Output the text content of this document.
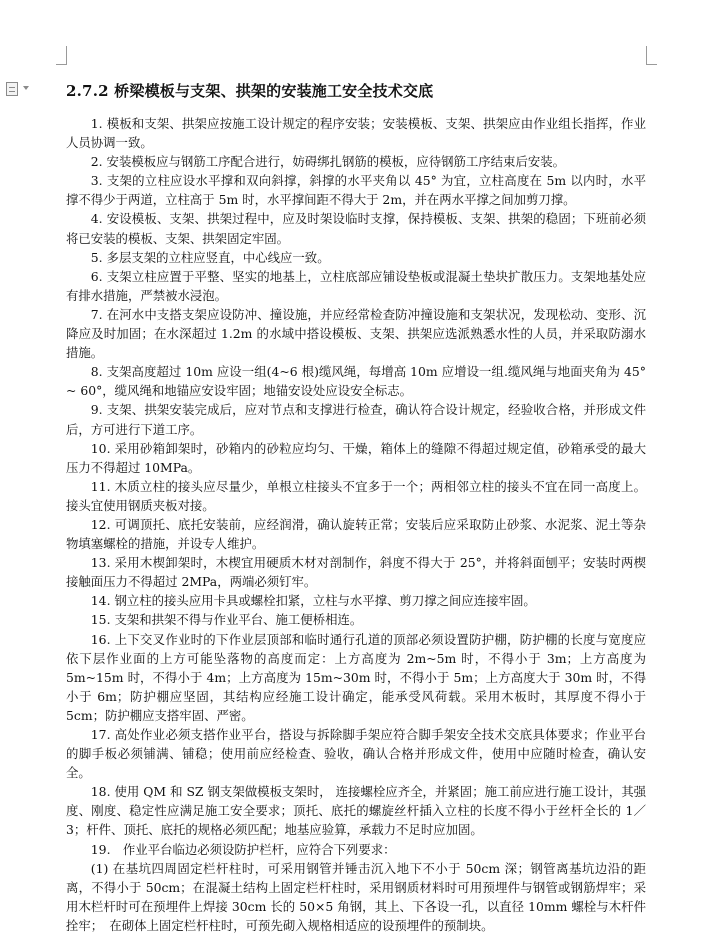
2.7.2 桥梁模板与支架、拱架的安装施工安全技术交底

1. 模板和支架、拱架应按施工设计规定的程序安装；安装模板、支架、拱架应由作业组长指挥，作业人员协调一致。

2. 安装模板应与钢筋工序配合进行，妨碍绑扎钢筋的模板，应待钢筋工序结束后安装。

3. 支架的立柱应设水平撑和双向斜撑，斜撑的水平夹角以 45° 为宜，立柱高度在 5m 以内时，水平撑不得少于两道，立柱高于 5m 时，水平撑间距不得大于 2m，并在两水平撑之间加剪刀撑。

4. 安设模板、支架、拱架过程中，应及时架设临时支撑，保持模板、支架、拱架的稳固；下班前必须将已安装的模板、支架、拱架固定牢固。

5. 多层支架的立柱应竖直，中心线应一致。

6. 支架立柱应置于平整、坚实的地基上，立柱底部应铺设垫板或混凝土垫块扩散压力。支架地基处应有排水措施，严禁被水浸泡。

7. 在河水中支搭支架应设防冲、撞设施，并应经常检查防冲撞设施和支架状况，发现松动、变形、沉降应及时加固；在水深超过 1.2m 的水域中搭设模板、支架、拱架应选派熟悉水性的人员，并采取防溺水措施。

8. 支架高度超过 10m 应设一组(4~6 根)缆风绳，每增高 10m 应增设一组.缆风绳与地面夹角为 45° ~ 60°，缆风绳和地锚应安设牢固；地锚安设处应设安全标志。

9. 支架、拱架安装完成后，应对节点和支撑进行检查，确认符合设计规定，经验收合格，并形成文件后，方可进行下道工序。

10. 采用砂箱卸架时，砂箱内的砂粒应均匀、干燥，箱体上的缝隙不得超过规定值，砂箱承受的最大压力不得超过 10MPa。

11. 木质立柱的接头应尽量少，单根立柱接头不宜多于一个；两相邻立柱的接头不宜在同一高度上。接头宜使用钢质夹板对接。

12. 可调顶托、底托安装前，应经润滑，确认旋转正常；安装后应采取防止砂浆、水泥浆、泥土等杂物填塞螺栓的措施，并设专人维护。

13. 采用木楔卸架时，木楔宜用硬质木材对剖制作，斜度不得大于 25°，并将斜面刨平；安装时两楔接触面压力不得超过 2MPa，两端必须钉牢。

14. 钢立柱的接头应用卡具或螺栓扣紧，立柱与水平撑、剪刀撑之间应连接牢固。

15. 支架和拱架不得与作业平台、施工便桥相连。

16. 上下交叉作业时的下作业层顶部和临时通行孔道的顶部必须设置防护棚，防护棚的长度与宽度应依下层作业面的上方可能坠落物的高度而定：上方高度为 2m~5m 时，不得小于 3m；上方高度为 5m~15m 时，不得小于 4m；上方高度为 15m~30m 时，不得小于 5m；上方高度大于 30m 时，不得小于 6m；防护棚应坚固，其结构应经施工设计确定，能承受风荷载。采用木板时，其厚度不得小于 5cm；防护棚应支搭牢固、严密。

17. 高处作业必须支搭作业平台，搭设与拆除脚手架应符合脚手架安全技术交底具体要求；作业平台的脚手板必须铺满、铺稳；使用前应经检查、验收，确认合格并形成文件，使用中应随时检查，确认安全。

18. 使用 QM 和 SZ 钢支架做模板支架时， 连接螺栓应齐全，并紧固；施工前应进行施工设计，其强度、刚度、稳定性应满足施工安全要求；顶托、底托的螺旋丝杆插入立柱的长度不得小于丝杆全长的 1／3；杆件、顶托、底托的规格必须匹配；地基应验算，承载力不足时应加固。

19.　作业平台临边必须设防护栏杆，应符合下列要求：

(1) 在基坑四周固定栏杆柱时，可采用钢管并锤击沉入地下不小于 50cm 深；钢管离基坑边沿的距离，不得小于 50cm；在混凝土结构上固定栏杆柱时，采用钢质材料时可用预埋件与钢管或钢筋焊牢；采用木栏杆时可在预埋件上焊接 30cm 长的 50×5 角钢，其上、下各设一孔，以直径 10mm 螺栓与木杆件拴牢；　在砌体上固定栏杆柱时，可预先砌入规格相适应的设预埋件的预制块。
